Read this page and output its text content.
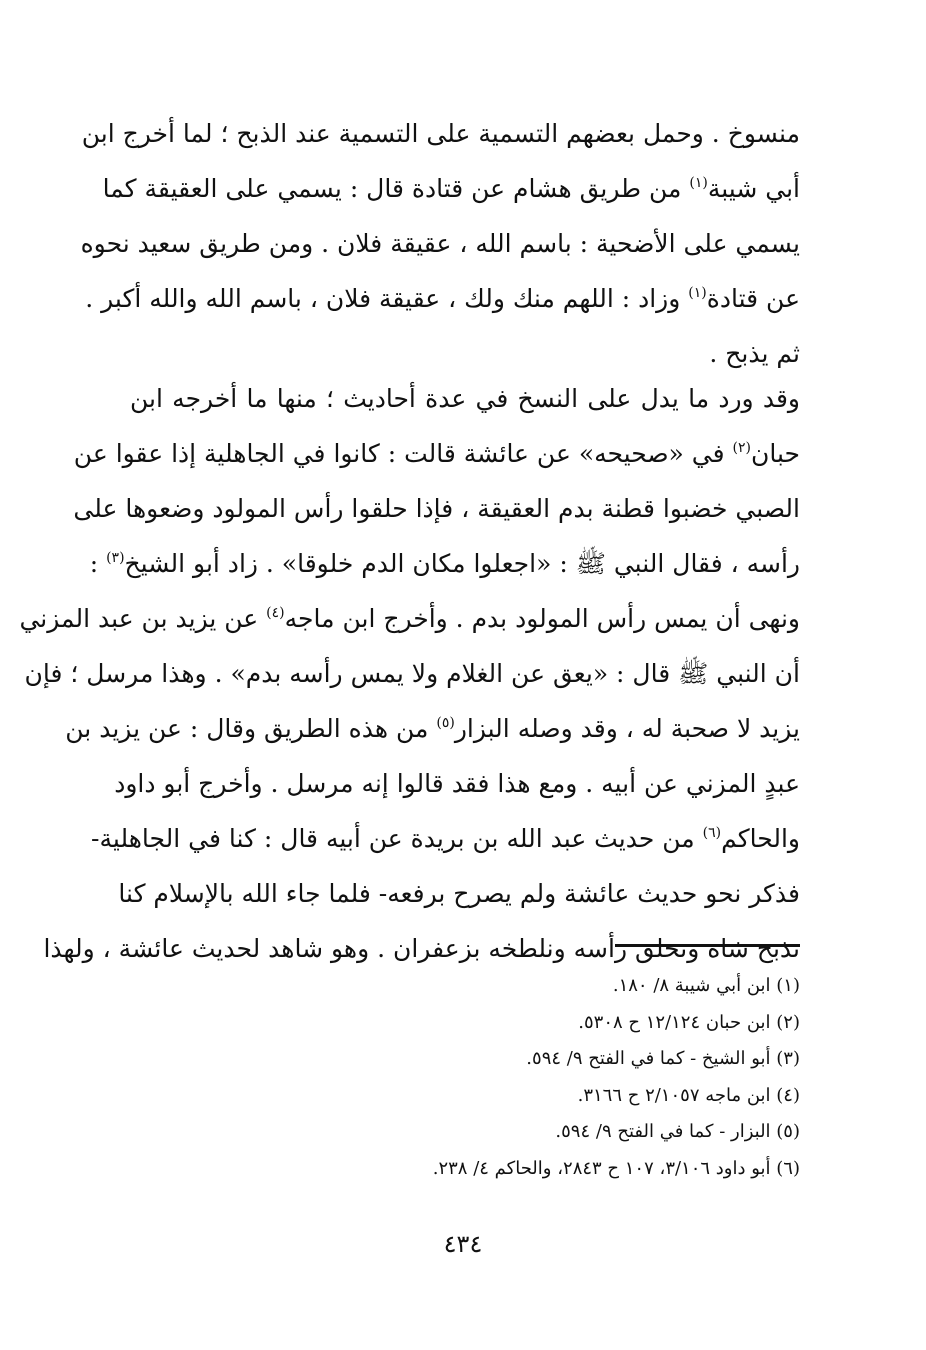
منسوخ . وحمل بعضهم التسمية على التسمية عند الذبح ؛ لما أخرج ابن
أبي شيبة$^{(١)}$ من طريق هشام عن قتادة قال : يسمي على العقيقة كما
يسمي على الأضحية : باسم الله ، عقيقة فلان . ومن طريق سعيد نحوه
عن قتادة$^{(١)}$ وزاد : اللهم منك ولك ، عقيقة فلان ، باسم الله والله أكبر .
ثم يذبح .
وقد ورد ما يدل على النسخ في عدة أحاديث ؛ منها ما أخرجه ابن
حبان$^{(٢)}$ في «صحيحه» عن عائشة قالت : كانوا في الجاهلية إذا عقوا عن
الصبي خضبوا قطنة بدم العقيقة ، فإذا حلقوا رأس المولود وضعوها على
رأسه ، فقال النبي ﷺ : «اجعلوا مكان الدم خلوقا» . زاد أبو الشيخ$^{(٣)}$ :
ونهى أن يمس رأس المولود بدم . وأخرج ابن ماجه$^{(٤)}$ عن يزيد بن عبد المزني
أن النبي ﷺ قال : «يعق عن الغلام ولا يمس رأسه بدم» . وهذا مرسل ؛ فإن
يزيد لا صحبة له ، وقد وصله البزار$^{(٥)}$ من هذه الطريق وقال : عن يزيد بن
عبدٍ المزني عن أبيه . ومع هذا فقد قالوا إنه مرسل . وأخرج أبو داود
والحاكم$^{(٦)}$ من حديث عبد الله بن بريدة عن أبيه قال : كنا في الجاهلية-
فذكر نحو حديث عائشة ولم يصرح برفعه- فلما جاء الله بالإسلام كنا
نذبح شاة ونحلق رأسه ونلطخه بزعفران . وهو شاهد لحديث عائشة ، ولهذا
(١) ابن أبي شيبة ٨/ ١٨٠.
(٢) ابن حبان ١٢/١٢٤ ح ٥٣٠٨.
(٣) أبو الشيخ - كما في الفتح ٩/ ٥٩٤.
(٤) ابن ماجه ٢/١٠٥٧ ح ٣١٦٦.
(٥) البزار - كما في الفتح ٩/ ٥٩٤.
(٦) أبو داود ٣/١٠٦، ١٠٧ ح ٢٨٤٣، والحاكم ٤/ ٢٣٨.
٤٣٤
